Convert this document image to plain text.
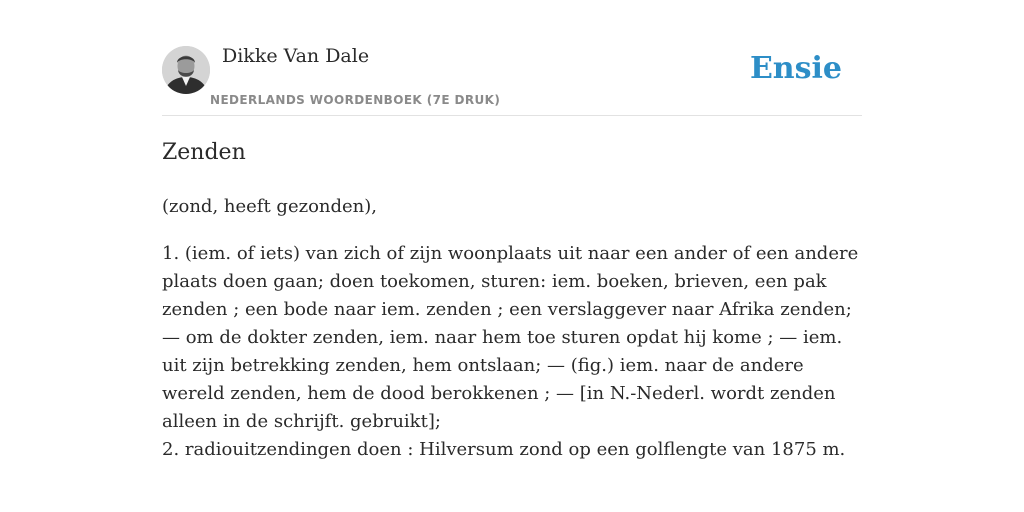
Dikke Van Dale
NEDERLANDS WOORDENBOEK (7E DRUK)
Ensie
Zenden

(zond, heeft gezonden),

1. (iem. of iets) van zich of zijn woonplaats uit naar een ander of een andere plaats doen gaan; doen toekomen, sturen: iem. boeken, brieven, een pak zenden ; een bode naar iem. zenden ; een verslaggever naar Afrika zenden; — om de dokter zenden, iem. naar hem toe sturen opdat hij kome ; — iem. uit zijn betrekking zenden, hem ontslaan; — (fig.) iem. naar de andere wereld zenden, hem de dood berokkenen ; — [in N.-Nederl. wordt zenden alleen in de schrijft. gebruikt];

2. radiouitzendingen doen : Hilversum zond op een golflengte van 1875 m.
